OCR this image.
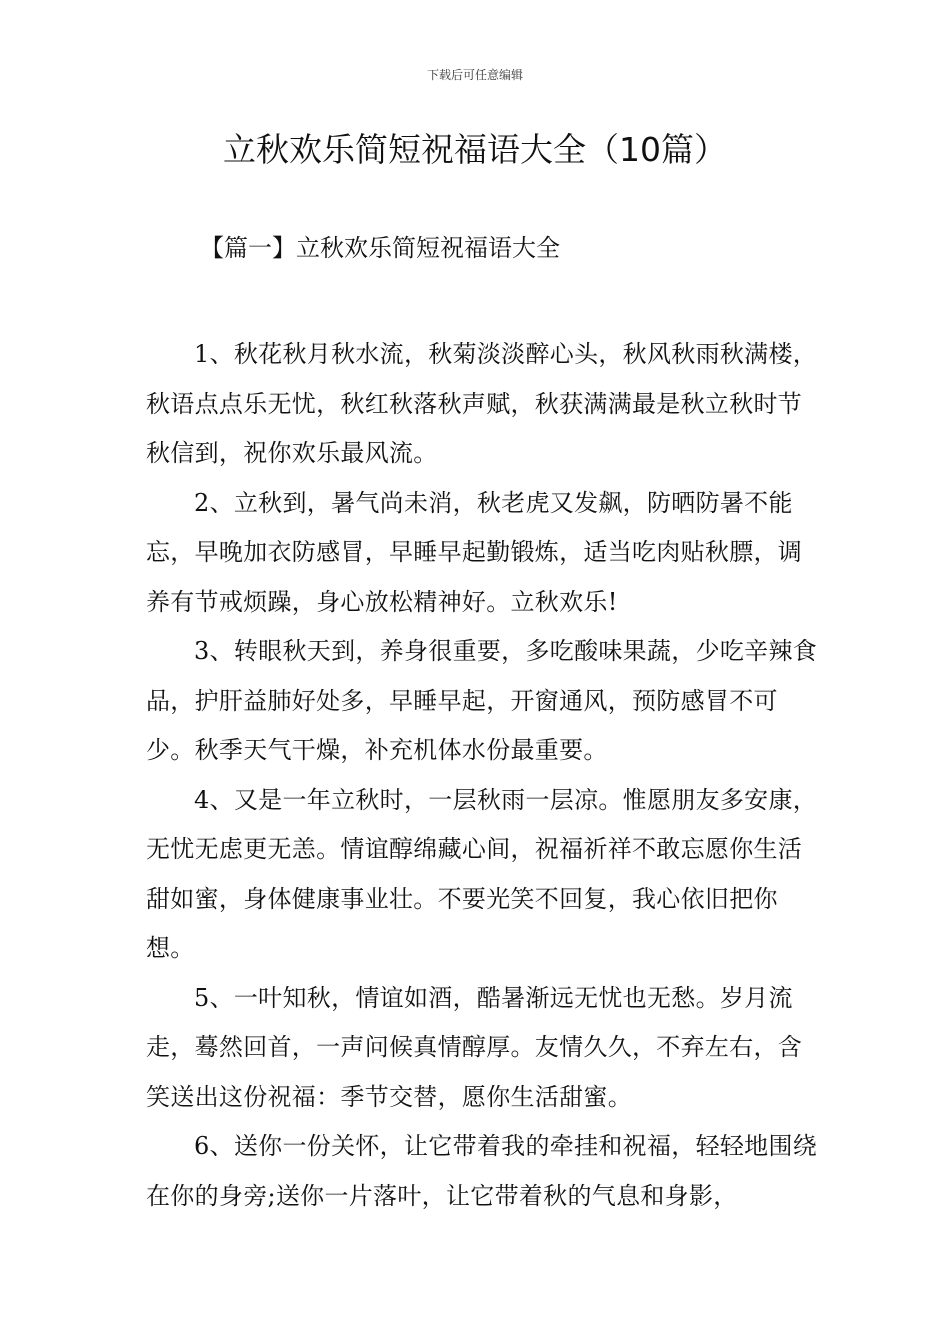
下载后可任意编辑
立秋欢乐简短祝福语大全（10篇）
【篇一】立秋欢乐简短祝福语大全

1、秋花秋月秋水流，秋菊淡淡醉心头，秋风秋雨秋满楼，秋语点点乐无忧，秋红秋落秋声赋，秋获满满最是秋立秋时节秋信到，祝你欢乐最风流。

2、立秋到，暑气尚未消，秋老虎又发飙，防晒防暑不能忘，早晚加衣防感冒，早睡早起勤锻炼，适当吃肉贴秋膘，调养有节戒烦躁，身心放松精神好。立秋欢乐!

3、转眼秋天到，养身很重要，多吃酸味果蔬，少吃辛辣食品，护肝益肺好处多，早睡早起，开窗通风，预防感冒不可少。秋季天气干燥，补充机体水份最重要。

4、又是一年立秋时，一层秋雨一层凉。惟愿朋友多安康，无忧无虑更无恙。情谊醇绵藏心间，祝福祈祥不敢忘愿你生活甜如蜜，身体健康事业壮。不要光笑不回复，我心依旧把你想。

5、一叶知秋，情谊如酒，酷暑渐远无忧也无愁。岁月流走，蓦然回首，一声问候真情醇厚。友情久久，不弃左右，含笑送出这份祝福：季节交替，愿你生活甜蜜。

6、送你一份关怀，让它带着我的牵挂和祝福，轻轻地围绕在你的身旁;送你一片落叶，让它带着秋的气息和身影，
